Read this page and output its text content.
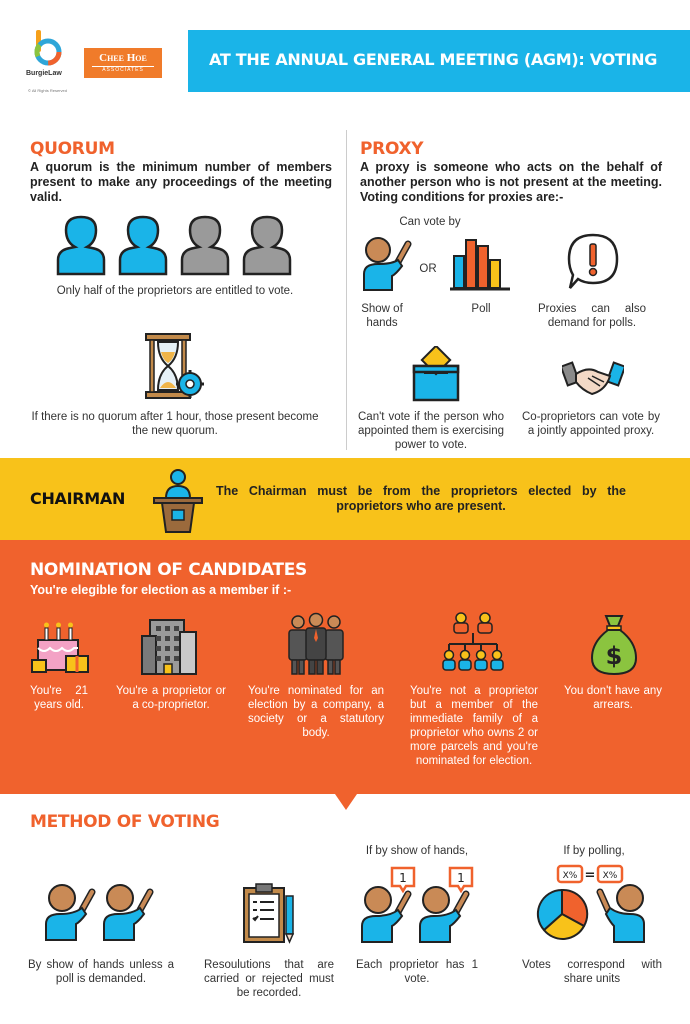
BurgieLaw
© All Rights Reserved
Chee Hoe
ASSOCIATES
AT THE ANNUAL GENERAL MEETING (AGM): VOTING
QUORUM
A quorum is the minimum number of members present to make any proceedings of the meeting valid.
Only half of the proprietors are entitled to vote.
If there is no quorum after 1 hour, those present become the new quorum.
PROXY
A proxy is someone who acts on the behalf of another person who is not present at the meeting. Voting conditions for proxies are:-
Can vote by
OR
Show of hands
Poll	Proxies can also demand for polls.
Can't vote if the person who appointed them is exercising power to vote.
Co-proprietors can vote by a jointly appointed proxy.
CHAIRMAN	The Chairman must be from the proprietors elected by the proprietors who are present.
NOMINATION OF CANDIDATES
You're elegible for election as a member if :-
$
You're 21 years old.
You're a proprietor or a co-proprietor.
You're nominated for an election by a company, a society or a statutory body.
You're not a proprietor but a member of the immediate family of a proprietor who owns 2 or more parcels and you're nominated for election.
You don't have any arrears.
METHOD OF VOTING
If by show of hands,	If by polling,
1	1	X% = X%
By show of hands unless a poll is demanded.
Resoulutions that are carried or rejected must be recorded.
Each proprietor has 1 vote.
Votes correspond with share units
